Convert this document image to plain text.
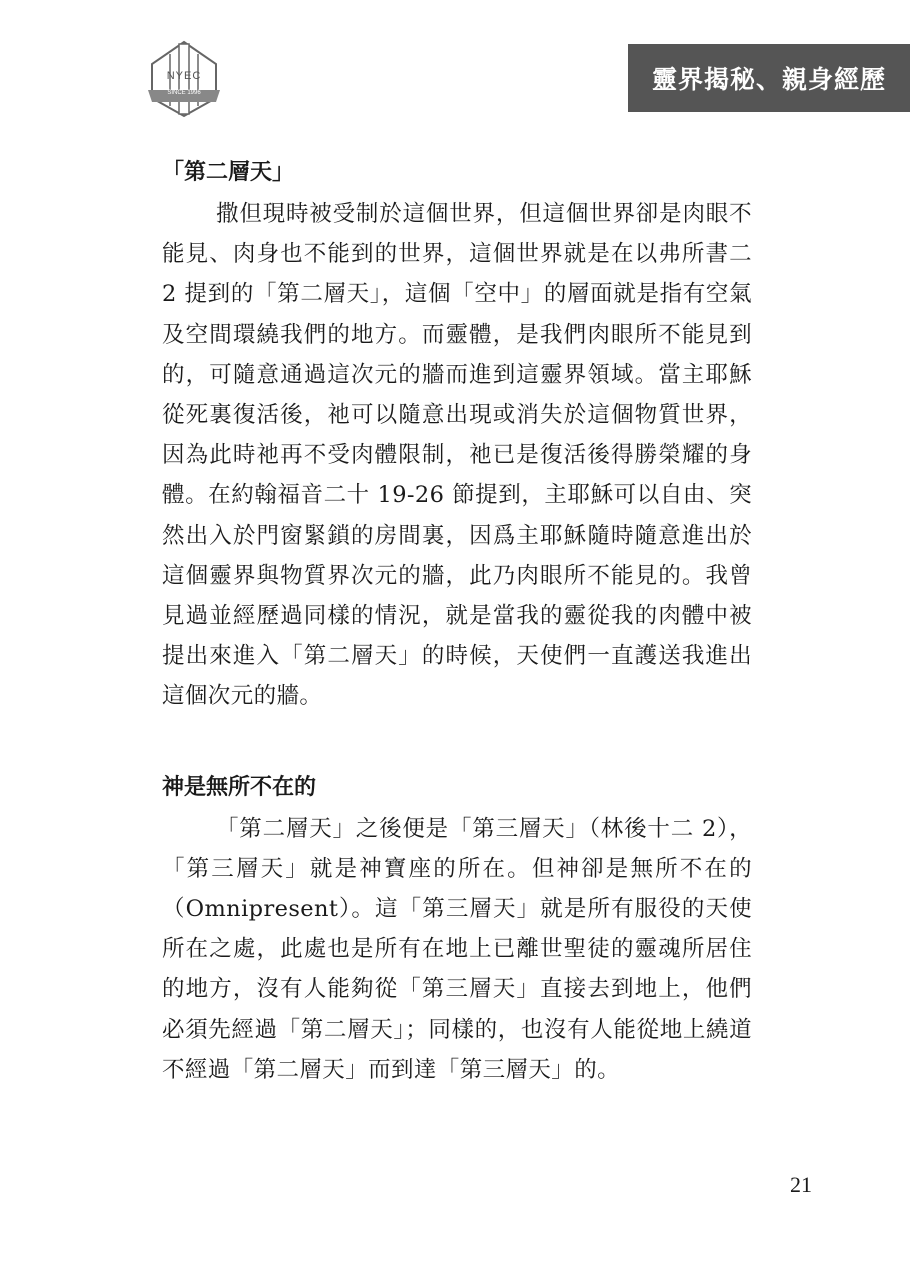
NYEC
SINCE 1996	靈界揭秘、親身經歷
「第二層天」

撒但現時被受制於這個世界，但這個世界卻是肉眼不能見、肉身也不能到的世界，這個世界就是在以弗所書二 2 提到的「第二層天」，這個「空中」的層面就是指有空氣及空間環繞我們的地方。而靈體，是我們肉眼所不能見到的，可隨意通過這次元的牆而進到這靈界領域。當主耶穌從死裏復活後，祂可以隨意出現或消失於這個物質世界，因為此時祂再不受肉體限制，祂已是復活後得勝榮耀的身體。在約翰福音二十 19-26 節提到，主耶穌可以自由、突然出入於門窗緊鎖的房間裏，因爲主耶穌隨時隨意進出於這個靈界與物質界次元的牆，此乃肉眼所不能見的。我曾見過並經歷過同樣的情況，就是當我的靈從我的肉體中被提出來進入「第二層天」的時候，天使們一直護送我進出這個次元的牆。

神是無所不在的

「第二層天」之後便是「第三層天」（林後十二 2），「第三層天」就是神寶座的所在。但神卻是無所不在的（Omnipresent）。這「第三層天」就是所有服役的天使所在之處，此處也是所有在地上已離世聖徒的靈魂所居住的地方，沒有人能夠從「第三層天」直接去到地上，他們必須先經過「第二層天」；同樣的，也沒有人能從地上繞道不經過「第二層天」而到達「第三層天」的。

21
